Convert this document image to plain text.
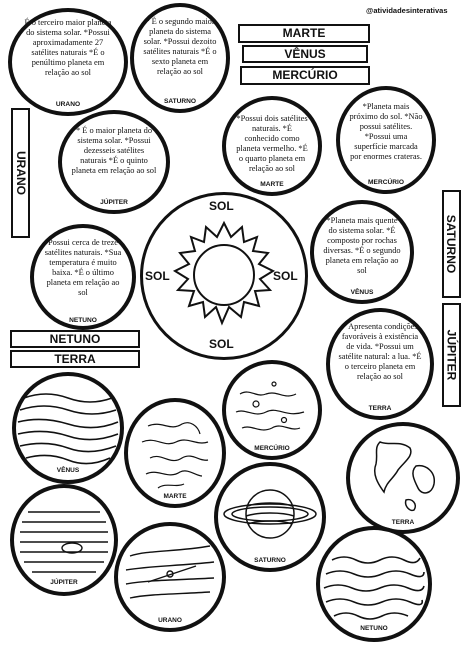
@atividadesinterativas
MARTE
VÊNUS
MERCÚRIO
NETUNO
TERRA
URANO
SATURNO
JÚPITER
É o terceiro maior planeta do sistema solar. *Possui aproximadamente 27 satélites naturais *É o penúltimo planeta em relação ao sol
URANO
* É o segundo maior planeta do sistema solar. *Possui dezoito satélites naturais *É o sexto planeta em relação ao sol
SATURNO
*Possui dois satélites naturais. *É conhecido como planeta vermelho. *É o quarto planeta em relação ao sol
MARTE
*Planeta mais próximo do sol. *Não possui satélites. *Possui uma superfície marcada por enormes crateras.
MERCÚRIO
* É o maior planeta do sistema solar. *Possui dezesseis satélites naturais *É o quinto planeta em relação ao sol
JÚPITER
*Planeta mais quente do sistema solar. *É composto por rochas diversas. *É o segundo planeta em relação ao sol
VÊNUS
Possui cerca de treze satélites naturais. *Sua temperatura é muito baixa. *É o último planeta em relação ao sol
NETUNO
* Apresenta condições favoráveis à existência de vida. *Possui um satélite natural: a lua. *É o terceiro planeta em relação ao sol
TERRA
SOL
SOL	SOL
SOL
VÊNUS
MARTE
MERCÚRIO
TERRA
SATURNO
JÚPITER
URANO
NETUNO
